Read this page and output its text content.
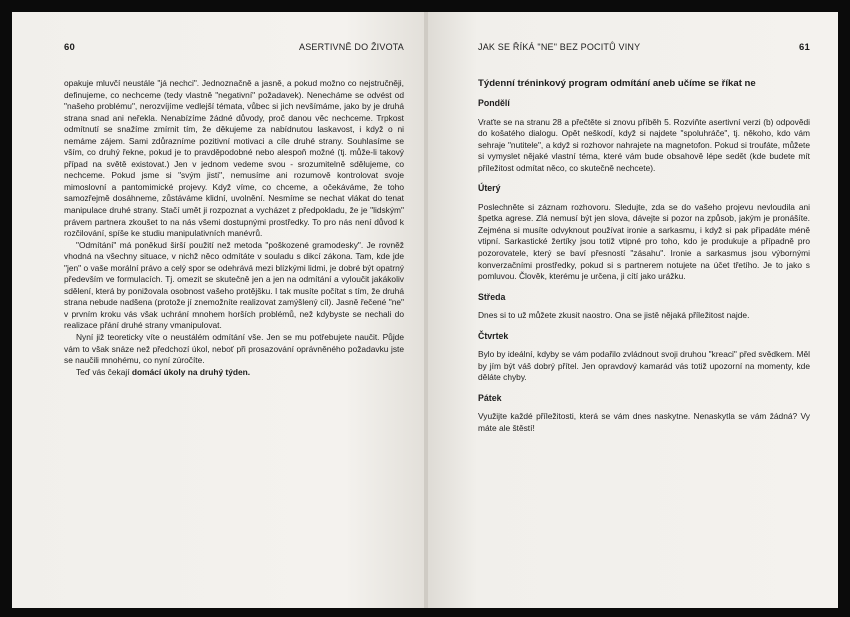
60	ASERTIVNĚ DO ŽIVOTA

opakuje mluvčí neustále "já nechci". Jednoznačně a jasně, a pokud možno co nejstručněji, definujeme, co nechceme (tedy vlastně "negativní" požadavek). Nenecháme se odvést od "našeho problému", nerozvíjíme vedlejší témata, vůbec si jich nevšímáme, jako by je druhá strana snad ani neřekla. Nenabízíme žádné důvody, proč danou věc nechceme. Trpkost odmítnutí se snažíme zmírnit tím, že děkujeme za nabídnutou laskavost, i když o ni nemáme zájem. Sami zdůrazníme pozitivní motivaci a cíle druhé strany. Souhlasíme se vším, co druhý řekne, pokud je to pravděpodobné nebo alespoň možné (tj. může-li takový případ na světě existovat.) Jen v jednom vedeme svou - srozumitelně sdělujeme, co nechceme. Pokud jsme si "svým jisti", nemusíme ani rozumově kontrolovat svoje mimoslovní a pantomimické projevy. Když víme, co chceme, a očekáváme, že toho samozřejmě dosáhneme, zůstáváme klidní, uvolnění. Nesmíme se nechat vlákat do tenat manipulace druhé strany. Stačí umět ji rozpoznat a vycházet z předpokladu, že je "lidským" právem partnera zkoušet to na nás všemi dostupnými prostředky. To pro nás není důvod k rozčilování, spíše ke studiu manipulativních manévrů.

"Odmítání" má poněkud širší použití než metoda "poškozené gramodesky". Je rovněž vhodná na všechny situace, v nichž něco odmítáte v souladu s dikcí zákona. Tam, kde jde "jen" o vaše morální právo a celý spor se odehrává mezi blízkými lidmi, je dobré být opatrný především ve formulacích. Tj. omezit se skutečně jen a jen na odmítání a vyloučit jakákoliv sdělení, která by ponižovala osobnost vašeho protějšku. I tak musíte počítat s tím, že druhá strana nebude nadšena (protože jí znemožníte realizovat zamýšlený cíl). Jasně řečené "ne" v prvním kroku vás však uchrání mnohem horších problémů, než kdybyste se nechali do realizace přání druhé strany vmanipulovat.

Nyní již teoreticky víte o neustálém odmítání vše. Jen se mu potřebujete naučit. Půjde vám to však snáze než předchozí úkol, neboť při prosazování oprávněného požadavku jste se naučili mnohému, co nyní zúročíte.

Teď vás čekají domácí úkoly na druhý týden.

JAK SE ŘÍKÁ "NE" BEZ POCITŮ VINY	61

Týdenní tréninkový program odmítání aneb učíme se říkat ne

Pondělí

Vraťte se na stranu 28 a přečtěte si znovu příběh 5. Rozviňte asertivní verzi (b) odpovědi do košatého dialogu. Opět neškodí, když si najdete "spoluhráče", tj. někoho, kdo vám sehraje "nutitele", a když si rozhovor nahrajete na magnetofon. Pokud si troufáte, můžete si vymyslet nějaké vlastní téma, které vám bude obsahově lépe sedět (kde budete mít příležitost odmítat něco, co skutečně nechcete).

Úterý

Poslechněte si záznam rozhovoru. Sledujte, zda se do vašeho projevu nevloudila ani špetka agrese. Zlá nemusí být jen slova, dávejte si pozor na způsob, jakým je pronášíte. Zejména si musíte odvyknout používat ironie a sarkasmu, i když si pak připadáte méně vtipní. Sarkastické žertíky jsou totiž vtipné pro toho, kdo je produkuje a případně pro pozorovatele, který se baví přesností "zásahu". Ironie a sarkasmus jsou výbornými konverzačními prostředky, pokud si s partnerem notujete na účet třetího. Je to jako s pomluvou. Člověk, kterému je určena, ji cítí jako urážku.

Středa

Dnes si to už můžete zkusit naostro. Ona se jistě nějaká příležitost najde.

Čtvrtek

Bylo by ideální, kdyby se vám podařilo zvládnout svoji druhou "kreaci" před svědkem. Měl by jím být váš dobrý přítel. Jen opravdový kamarád vás totiž upozorní na momenty, kde děláte chyby.

Pátek

Využijte každé příležitosti, která se vám dnes naskytne. Nenaskytla se vám žádná? Vy máte ale štěstí!
